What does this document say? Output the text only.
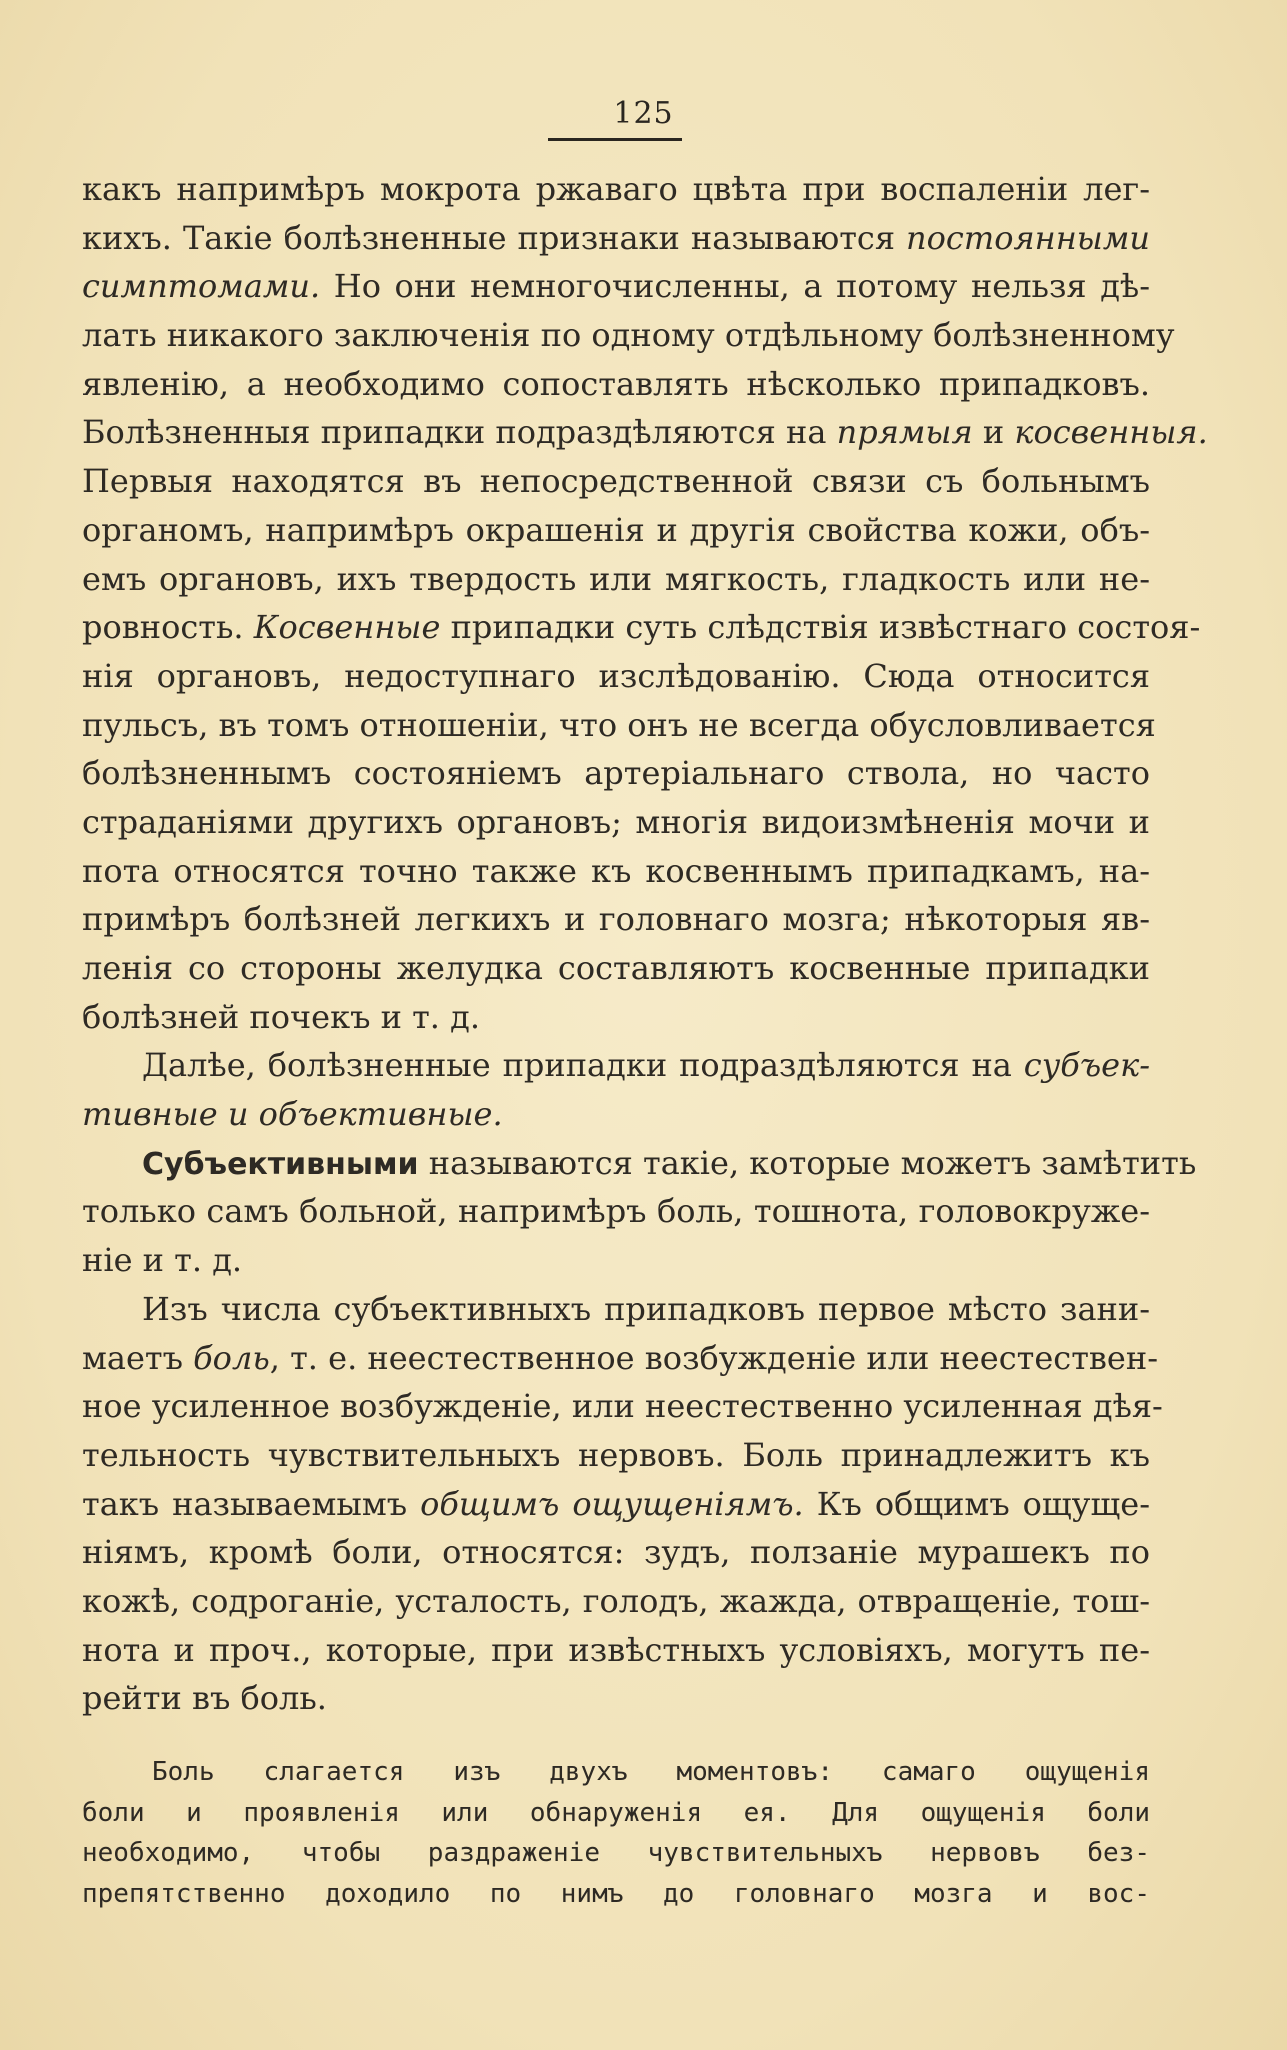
125
какъ напримѣръ мокрота ржаваго цвѣта при воспаленіи лег-
кихъ. Такіе болѣзненные признаки называются постоянными
симптомами. Но они немногочисленны, а потому нельзя дѣ-
лать никакого заключенія по одному отдѣльному болѣзненному
явленію, а необходимо сопоставлять нѣсколько припадковъ.
Болѣзненныя припадки подраздѣляются на прямыя и косвенныя.
Первыя находятся въ непосредственной связи съ больнымъ
органомъ, напримѣръ окрашенія и другія свойства кожи, объ-
емъ органовъ, ихъ твердость или мягкость, гладкость или не-
ровность. Косвенные припадки суть слѣдствія извѣстнаго состоя-
нія органовъ, недоступнаго изслѣдованію. Сюда относится
пульсъ, въ томъ отношеніи, что онъ не всегда обусловливается
болѣзненнымъ состояніемъ артеріальнаго ствола, но часто
страданіями другихъ органовъ; многія видоизмѣненія мочи и
пота относятся точно также къ косвеннымъ припадкамъ, на-
примѣръ болѣзней легкихъ и головнаго мозга; нѣкоторыя яв-
ленія со стороны желудка составляютъ косвенные припадки
болѣзней почекъ и т. д.
Далѣе, болѣзненные припадки подраздѣляются на субъек-
тивные и объективные.
Субъективными называются такіе, которые можетъ замѣтить
только самъ больной, напримѣръ боль, тошнота, головокруже-
ніе и т. д.
Изъ числа субъективныхъ припадковъ первое мѣсто зани-
маетъ боль, т. е. неестественное возбужденіе или неестествен-
ное усиленное возбужденіе, или неестественно усиленная дѣя-
тельность чувствительныхъ нервовъ. Боль принадлежитъ къ
такъ называемымъ общимъ ощущеніямъ. Къ общимъ ощуще-
ніямъ, кромѣ боли, относятся: зудъ, ползаніе мурашекъ по
кожѣ, содроганіе, усталость, голодъ, жажда, отвращеніе, тош-
нота и проч., которые, при извѣстныхъ условіяхъ, могутъ пе-
рейти въ боль.
Боль слагается изъ двухъ моментовъ: самаго ощущенія
боли и проявленія или обнаруженія ея. Для ощущенія боли
необходимо, чтобы раздраженіе чувствительныхъ нервовъ без-
препятственно доходило по нимъ до головнаго мозга и вос-
